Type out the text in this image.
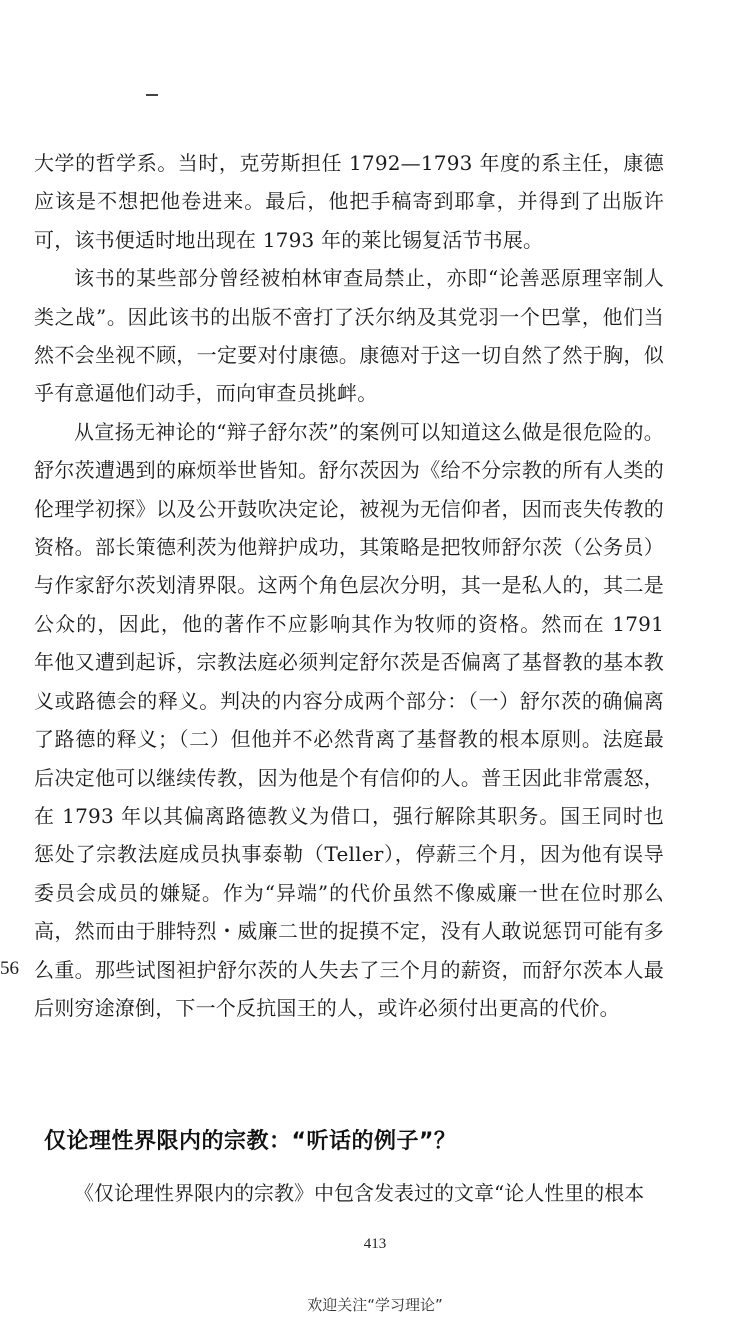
大学的哲学系。当时，克劳斯担任 1792—1793 年度的系主任，康德应该是不想把他卷进来。最后，他把手稿寄到耶拿，并得到了出版许可，该书便适时地出现在 1793 年的莱比锡复活节书展。

该书的某些部分曾经被柏林审查局禁止，亦即“论善恶原理宰制人类之战”。因此该书的出版不啻打了沃尔纳及其党羽一个巴掌，他们当然不会坐视不顾，一定要对付康德。康德对于这一切自然了然于胸，似乎有意逼他们动手，而向审查员挑衅。

从宣扬无神论的“辩子舒尔茨”的案例可以知道这么做是很危险的。舒尔茨遭遇到的麻烦举世皆知。舒尔茨因为《给不分宗教的所有人类的伦理学初探》以及公开鼓吹决定论，被视为无信仰者，因而丧失传教的资格。部长策德利茨为他辩护成功，其策略是把牧师舒尔茨（公务员）与作家舒尔茨划清界限。这两个角色层次分明，其一是私人的，其二是公众的，因此，他的著作不应影响其作为牧师的资格。然而在 1791 年他又遭到起诉，宗教法庭必须判定舒尔茨是否偏离了基督教的基本教义或路德会的释义。判决的内容分成两个部分：（一）舒尔茨的确偏离了路德的释义；（二）但他并不必然背离了基督教的根本原则。法庭最后决定他可以继续传教，因为他是个有信仰的人。普王因此非常震怒，在 1793 年以其偏离路德教义为借口，强行解除其职务。国王同时也惩处了宗教法庭成员执事泰勒（Teller），停薪三个月，因为他有误导委员会成员的嫌疑。作为“异端”的代价虽然不像威廉一世在位时那么高，然而由于腓特烈・威廉二世的捉摸不定，没有人敢说惩罚可能有多么重。那些试图袒护舒尔茨的人失去了三个月的薪资，而舒尔茨本人最后则穷途潦倒，下一个反抗国王的人，或许必须付出更高的代价。

56
仅论理性界限内的宗教：“听话的例子”？

《仅论理性界限内的宗教》中包含发表过的文章“论人性里的根本

413
欢迎关注“学习理论”
